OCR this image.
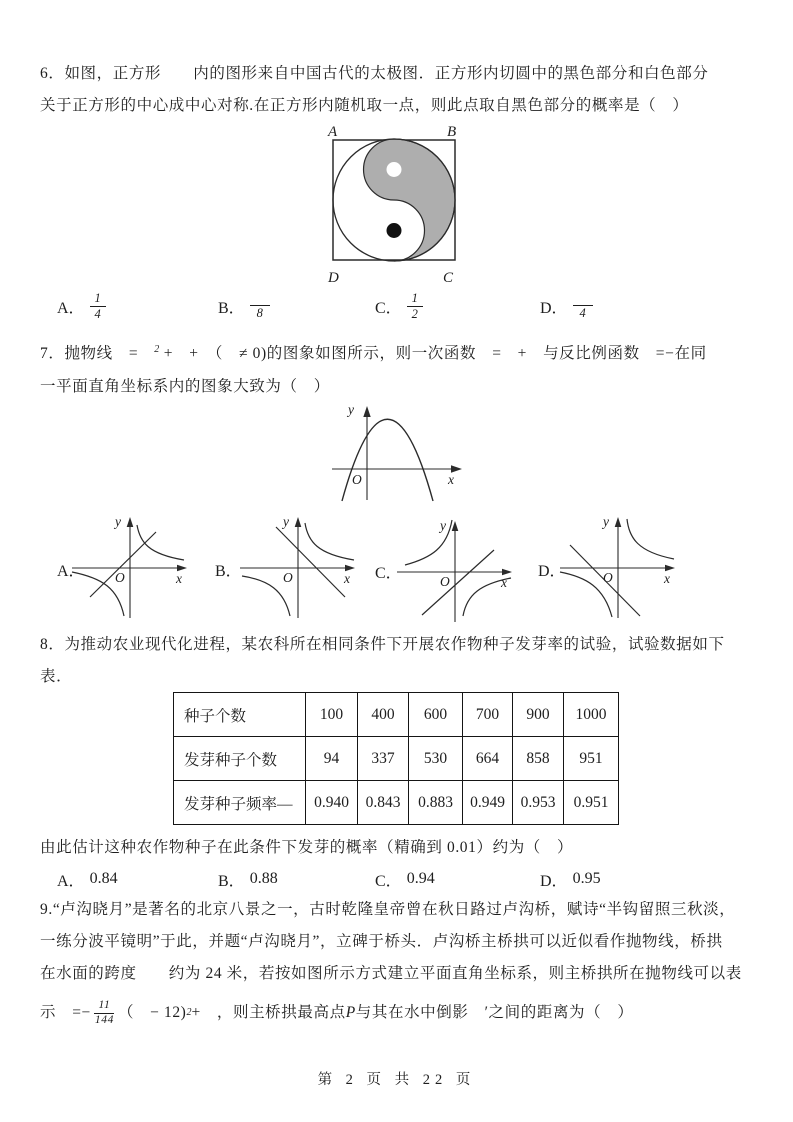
6．如图，正方形　　内的图形来自中国古代的太极图．正方形内切圆中的黑色部分和白色部分
关于正方形的中心成中心对称.在正方形内随机取一点，则此点取自黑色部分的概率是（　）
A	B
D	C
A． $\frac{1}{4}$	B． 8	C． $\frac{1}{2}$	D． 4
7．抛物线　=　$^2$ +　+　（　≠ 0)的图象如图所示，则一次函数　=　+　与反比例函数　=−在同
一平面直角坐标系内的图象大致为（　）
y
x
O
A．	B．	C．	D．
y
x
O
y
x
O
y
x
O
y
x
O
8．为推动农业现代化进程，某农科所在相同条件下开展农作物种子发芽率的试验，试验数据如下
表．
种子个数	100	400	600	700	900	1000
发芽种子个数	94	337	530	664	858	951
发芽种子频率—	0.940	0.843	0.883	0.949	0.953	0.951
由此估计这种农作物种子在此条件下发芽的概率（精确到 0.01）约为（　）
A． 0.84	B． 0.88	C． 0.94	D． 0.95
9.“卢沟晓月”是著名的北京八景之一，古时乾隆皇帝曾在秋日路过卢沟桥，赋诗“半钩留照三秋淡，
一练分波平镜明”于此，并题“卢沟晓月”，立碑于桥头．卢沟桥主桥拱可以近似看作抛物线，桥拱
在水面的跨度　　约为 24 米，若按如图所示方式建立平面直角坐标系，则主桥拱所在抛物线可以表
示　=− $\frac{11}{144}$ （　− 12) 2 +　，则主桥拱最高点 P 与其在水中倒影　′之间的距离为（　）
第 2 页 共 22 页
